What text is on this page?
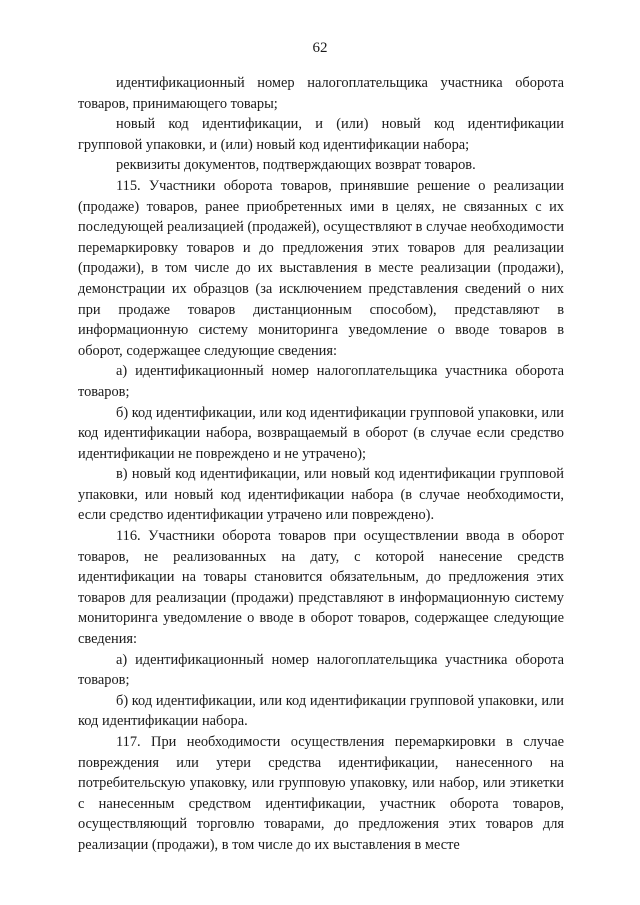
62

идентификационный номер налогоплательщика участника оборота товаров, принимающего товары;

новый код идентификации, и (или) новый код идентификации групповой упаковки, и (или) новый код идентификации набора;

реквизиты документов, подтверждающих возврат товаров.

115. Участники оборота товаров, принявшие решение о реализации (продаже) товаров, ранее приобретенных ими в целях, не связанных с их последующей реализацией (продажей), осуществляют в случае необходимости перемаркировку товаров и до предложения этих товаров для реализации (продажи), в том числе до их выставления в месте реализации (продажи), демонстрации их образцов (за исключением представления сведений о них при продаже товаров дистанционным способом), представляют в информационную систему мониторинга уведомление о вводе товаров в оборот, содержащее следующие сведения:

а) идентификационный номер налогоплательщика участника оборота товаров;

б) код идентификации, или код идентификации групповой упаковки, или код идентификации набора, возвращаемый в оборот (в случае если средство идентификации не повреждено и не утрачено);

в) новый код идентификации, или новый код идентификации групповой упаковки, или новый код идентификации набора (в случае необходимости, если средство идентификации утрачено или повреждено).

116. Участники оборота товаров при осуществлении ввода в оборот товаров, не реализованных на дату, с которой нанесение средств идентификации на товары становится обязательным, до предложения этих товаров для реализации (продажи) представляют в информационную систему мониторинга уведомление о вводе в оборот товаров, содержащее следующие сведения:

а) идентификационный номер налогоплательщика участника оборота товаров;

б) код идентификации, или код идентификации групповой упаковки, или код идентификации набора.

117. При необходимости осуществления перемаркировки в случае повреждения или утери средства идентификации, нанесенного на потребительскую упаковку, или групповую упаковку, или набор, или этикетки с нанесенным средством идентификации, участник оборота товаров, осуществляющий торговлю товарами, до предложения этих товаров для реализации (продажи), в том числе до их выставления в месте
